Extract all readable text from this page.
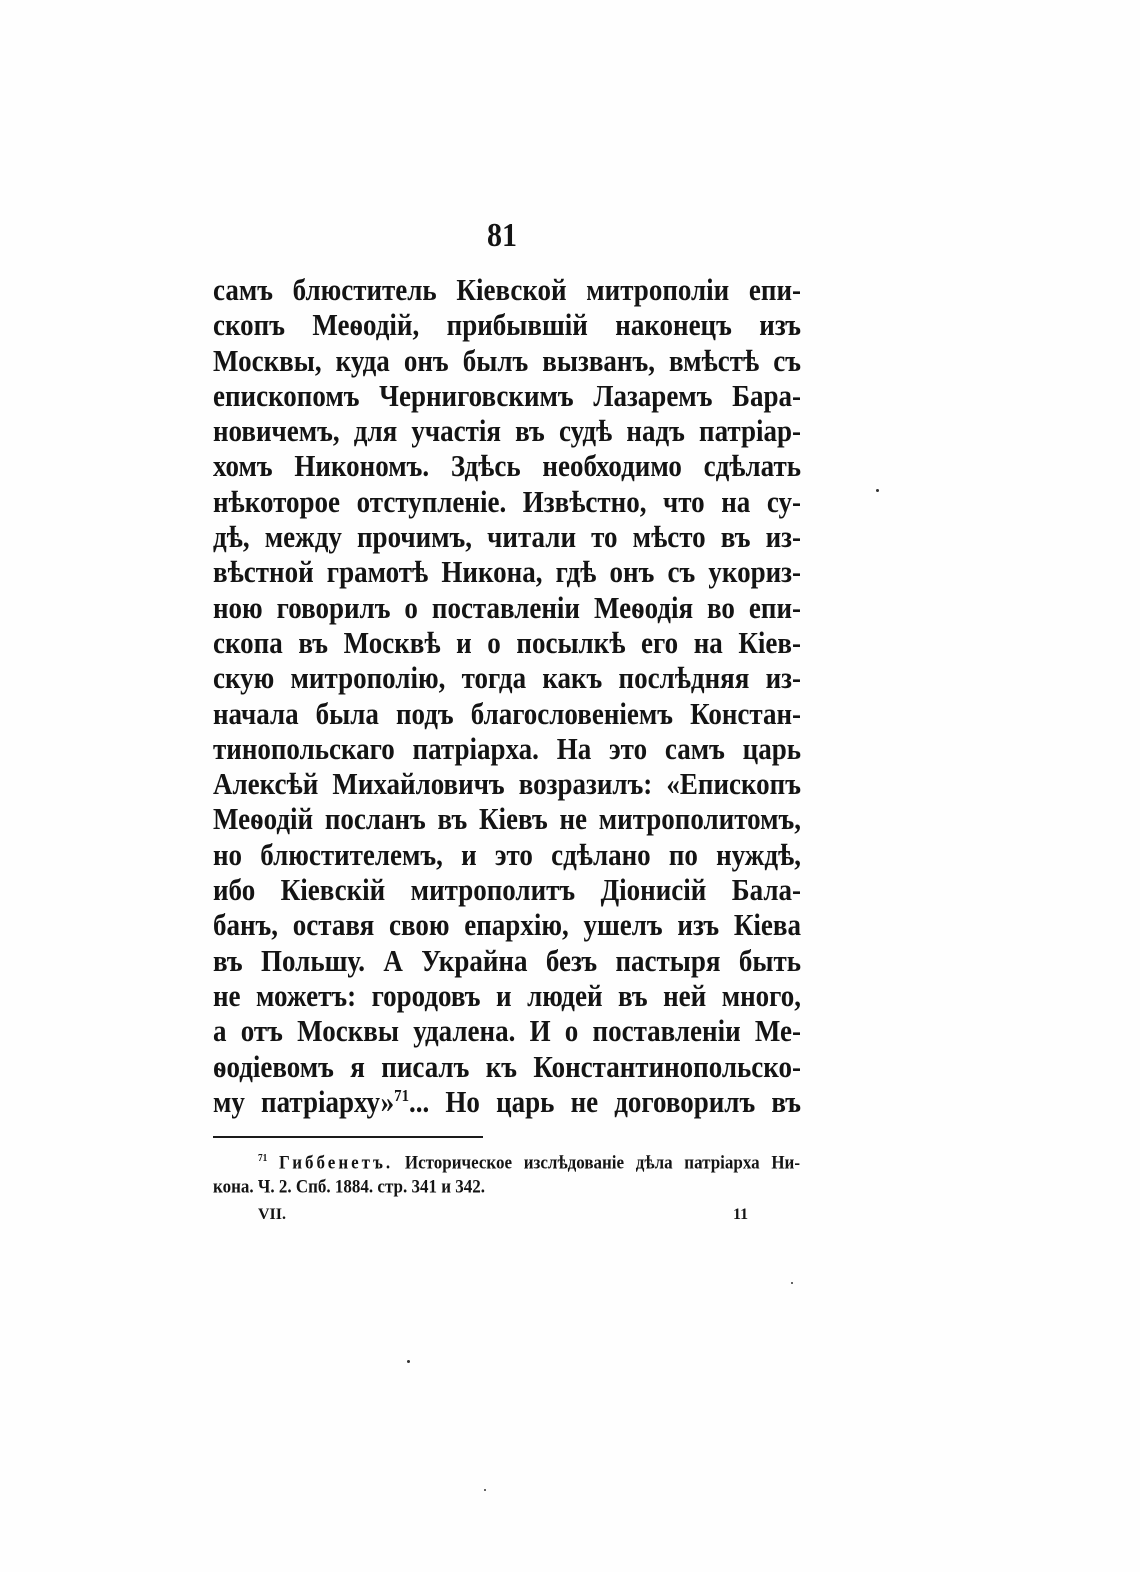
81
самъ блюститель Кіевской митрополіи епи-
скопъ Меѳодій, прибывшій наконецъ изъ
Москвы, куда онъ былъ вызванъ, вмѣстѣ съ
епископомъ Черниговскимъ Лазаремъ Бара-
новичемъ, для участія въ судѣ надъ патріар-
хомъ Никономъ. Здѣсь необходимо сдѣлать
нѣкоторое отступленіе. Извѣстно, что на су-
дѣ, между прочимъ, читали то мѣсто въ из-
вѣстной грамотѣ Никона, гдѣ онъ съ укориз-
ною говорилъ о поставленіи Меѳодія во епи-
скопа въ Москвѣ и о посылкѣ его на Кіев-
скую митрополію, тогда какъ послѣдняя из-
начала была подъ благословеніемъ Констан-
тинопольскаго патріарха. На это самъ царь
Алексѣй Михайловичъ возразилъ: «Епископъ
Меѳодій посланъ въ Кіевъ не митрополитомъ,
но блюстителемъ, и это сдѣлано по нуждѣ,
ибо Кіевскій митрополитъ Діонисій Бала-
банъ, оставя свою епархію, ушелъ изъ Кіева
въ Польшу. А Украйна безъ пастыря быть
не можетъ: городовъ и людей въ ней много,
а отъ Москвы удалена. И о поставленіи Ме-
ѳодіевомъ я писалъ къ Константинопольско-
му патріарху»$^{71}$... Но царь не договорилъ въ
$^{71}$ Гиббенетъ. Историческое изслѣдованіе дѣла патріарха Ни-
кона. Ч. 2. Спб. 1884. стр. 341 и 342.
VII.	11
